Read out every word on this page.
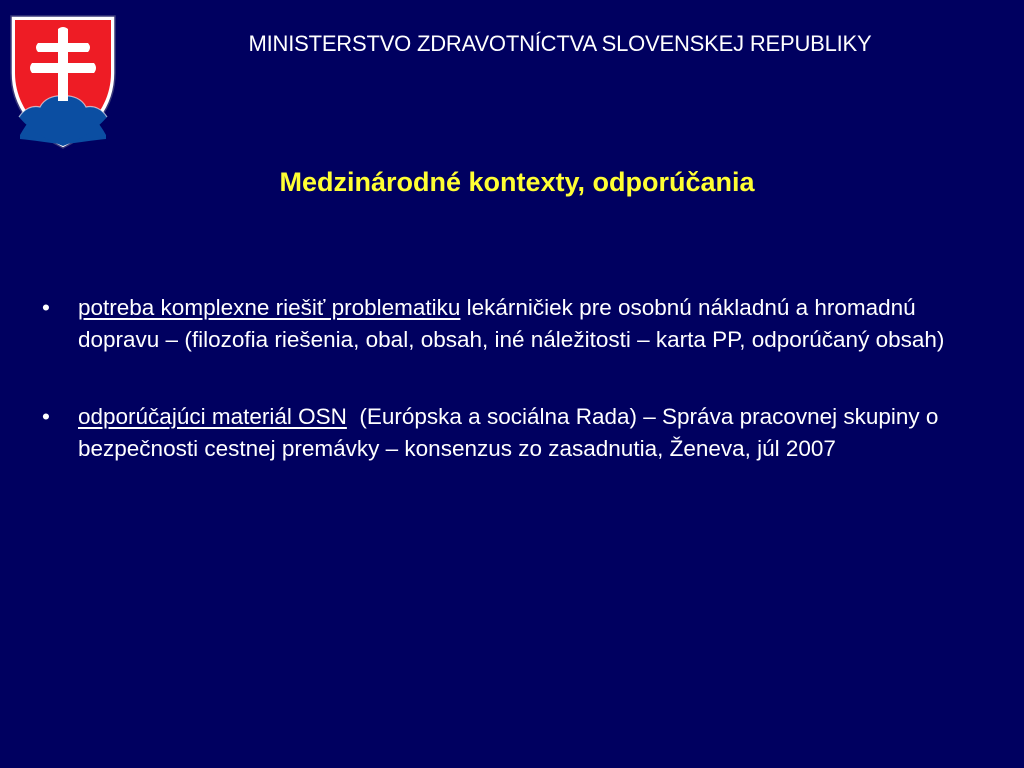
MINISTERSTVO ZDRAVOTNÍCTVA SLOVENSKEJ REPUBLIKY
Medzinárodné kontexty, odporúčania
•	potreba komplexne riešiť problematiku lekárničiek pre osobnú nákladnú a hromadnú dopravu – (filozofia riešenia, obal, obsah, iné náležitosti – karta PP, odporúčaný obsah)
•	odporúčajúci materiál OSN  (Európska a sociálna Rada) – Správa pracovnej skupiny o bezpečnosti cestnej premávky – konsenzus zo zasadnutia, Ženeva, júl 2007
